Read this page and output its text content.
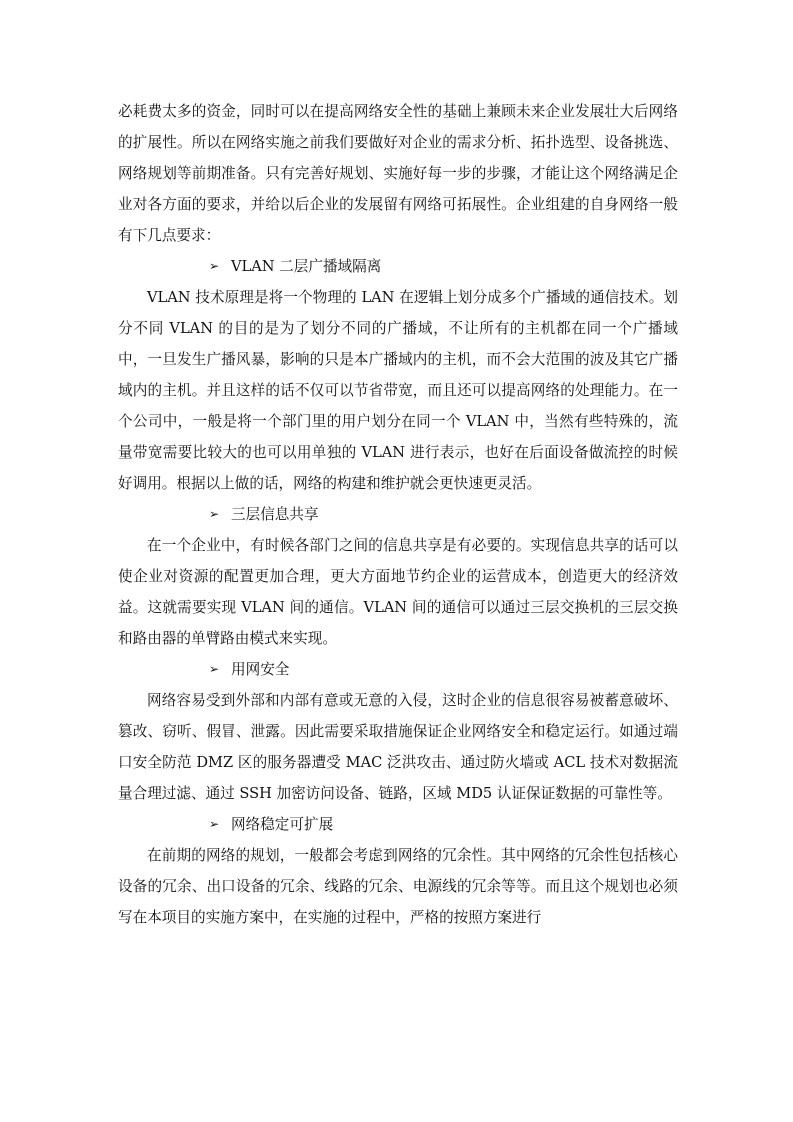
必耗费太多的资金，同时可以在提高网络安全性的基础上兼顾未来企业发展壮大后网络的扩展性。所以在网络实施之前我们要做好对企业的需求分析、拓扑选型、设备挑选、网络规划等前期准备。只有完善好规划、实施好每一步的步骤，才能让这个网络满足企业对各方面的要求，并给以后企业的发展留有网络可拓展性。企业组建的自身网络一般有下几点要求：

➢ VLAN 二层广播域隔离

VLAN 技术原理是将一个物理的 LAN 在逻辑上划分成多个广播域的通信技术。划分不同 VLAN 的目的是为了划分不同的广播域，不让所有的主机都在同一个广播域中，一旦发生广播风暴，影响的只是本广播域内的主机，而不会大范围的波及其它广播域内的主机。并且这样的话不仅可以节省带宽，而且还可以提高网络的处理能力。在一个公司中，一般是将一个部门里的用户划分在同一个 VLAN 中，当然有些特殊的，流量带宽需要比较大的也可以用单独的 VLAN 进行表示，也好在后面设备做流控的时候好调用。根据以上做的话，网络的构建和维护就会更快速更灵活。

➢ 三层信息共享

在一个企业中，有时候各部门之间的信息共享是有必要的。实现信息共享的话可以使企业对资源的配置更加合理，更大方面地节约企业的运营成本，创造更大的经济效益。这就需要实现 VLAN 间的通信。VLAN 间的通信可以通过三层交换机的三层交换和路由器的单臂路由模式来实现。

➢ 用网安全

网络容易受到外部和内部有意或无意的入侵，这时企业的信息很容易被蓄意破坏、篡改、窃听、假冒、泄露。因此需要采取措施保证企业网络安全和稳定运行。如通过端口安全防范 DMZ 区的服务器遭受 MAC 泛洪攻击、通过防火墙或 ACL 技术对数据流量合理过滤、通过 SSH 加密访问设备、链路，区域 MD5 认证保证数据的可靠性等。

➢ 网络稳定可扩展

在前期的网络的规划，一般都会考虑到网络的冗余性。其中网络的冗余性包括核心设备的冗余、出口设备的冗余、线路的冗余、电源线的冗余等等。而且这个规划也必须写在本项目的实施方案中，在实施的过程中，严格的按照方案进行
